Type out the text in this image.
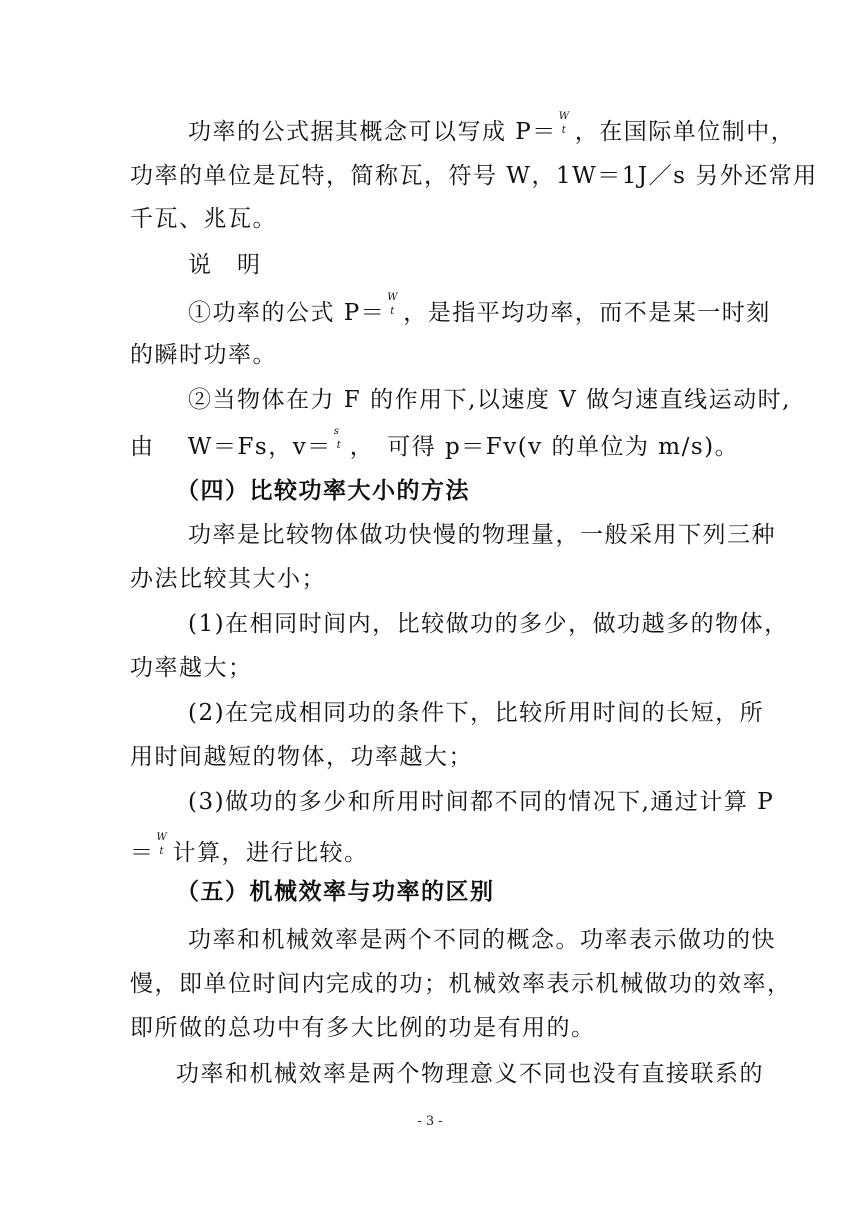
功率的公式据其概念可以写成 P＝
W
t ，在国际单位制中，
功率的单位是瓦特，简称瓦，符号 W，1W＝1J／s 另外还常用
千瓦、兆瓦。
说　明
①功率的公式 P＝
W
t ，是指平均功率，而不是某一时刻
的瞬时功率。
②当物体在力 F 的作用下,以速度 V 做匀速直线运动时,
由　 W＝Fs，v＝
s
t ，　可得 p＝Fv(v 的单位为 m/s)。
（四）比较功率大小的方法
功率是比较物体做功快慢的物理量，一般采用下列三种
办法比较其大小；
(1)在相同时间内，比较做功的多少，做功越多的物体，
功率越大；
(2)在完成相同功的条件下，比较所用时间的长短，所
用时间越短的物体，功率越大；
(3)做功的多少和所用时间都不同的情况下,通过计算 P
＝
W
t 计算，进行比较。
（五）机械效率与功率的区别
功率和机械效率是两个不同的概念。功率表示做功的快
慢，即单位时间内完成的功；机械效率表示机械做功的效率，
即所做的总功中有多大比例的功是有用的。
功率和机械效率是两个物理意义不同也没有直接联系的
- 3 -
